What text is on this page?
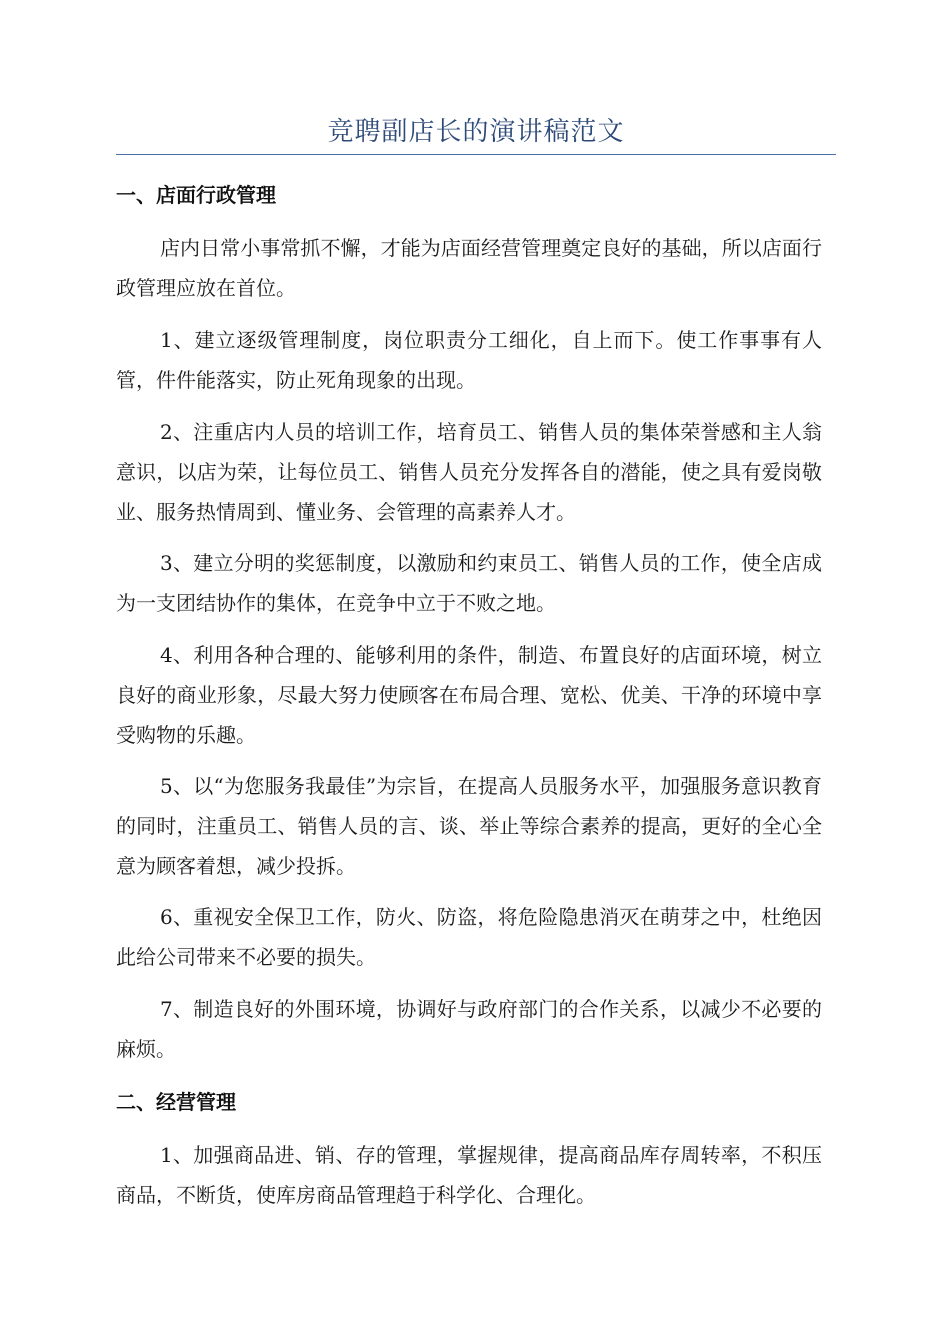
竞聘副店长的演讲稿范文
一、店面行政管理
店内日常小事常抓不懈，才能为店面经营管理奠定良好的基础，所以店面行政管理应放在首位。
1、建立逐级管理制度，岗位职责分工细化，自上而下。使工作事事有人管，件件能落实，防止死角现象的出现。
2、注重店内人员的培训工作，培育员工、销售人员的集体荣誉感和主人翁意识，以店为荣，让每位员工、销售人员充分发挥各自的潜能，使之具有爱岗敬业、服务热情周到、懂业务、会管理的高素养人才。
3、建立分明的奖惩制度，以激励和约束员工、销售人员的工作，使全店成为一支团结协作的集体，在竞争中立于不败之地。
4、利用各种合理的、能够利用的条件，制造、布置良好的店面环境，树立良好的商业形象，尽最大努力使顾客在布局合理、宽松、优美、干净的环境中享受购物的乐趣。
5、以“为您服务我最佳”为宗旨，在提高人员服务水平，加强服务意识教育的同时，注重员工、销售人员的言、谈、举止等综合素养的提高，更好的全心全意为顾客着想，减少投拆。
6、重视安全保卫工作，防火、防盗，将危险隐患消灭在萌芽之中，杜绝因此给公司带来不必要的损失。
7、制造良好的外围环境，协调好与政府部门的合作关系，以减少不必要的麻烦。
二、经营管理
1、加强商品进、销、存的管理，掌握规律，提高商品库存周转率，不积压商品，不断货，使库房商品管理趋于科学化、合理化。
